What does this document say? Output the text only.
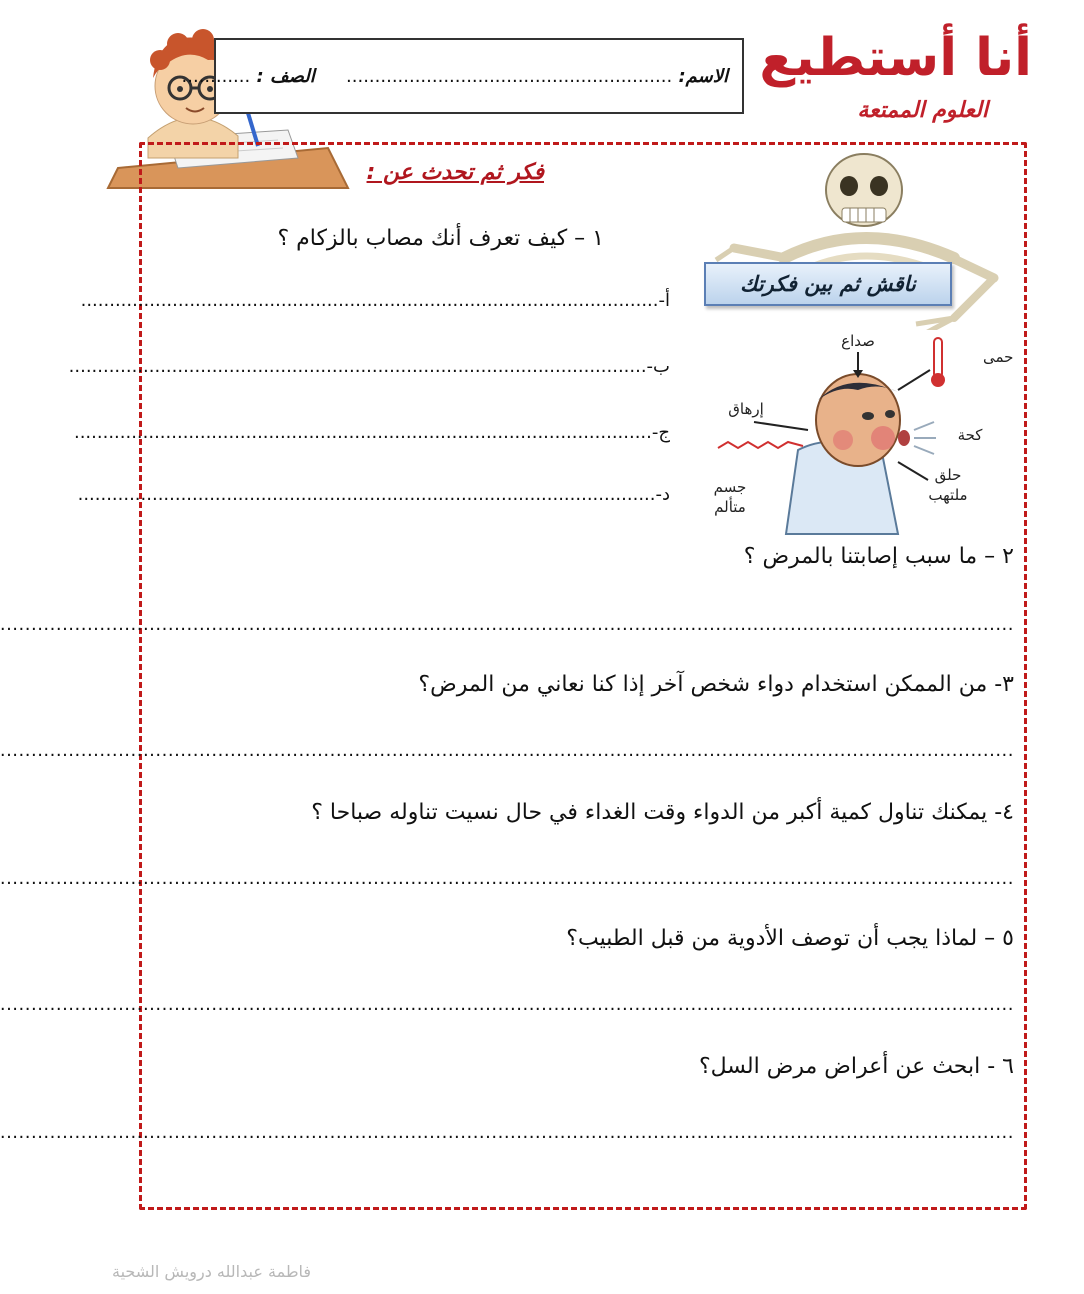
الاسم: .........................................................     الصف : ............	أنا أستطيع
العلوم الممتعة
فكر ثم تحدث عن :
ناقش ثم بين فكرتك
صداع
حمى
إرهاق
كحة
حلق
ملتهب
جسم
متألم
١ – كيف تعرف أنك مصاب بالزكام ؟
أ-.....................................................................................................
ب-.....................................................................................................
ج-.....................................................................................................
د-.....................................................................................................
٢ – ما سبب إصابتنا بالمرض ؟
...................................................................................................................................................................
٣- من الممكن استخدام دواء شخص آخر إذا كنا نعاني من المرض؟
...................................................................................................................................................................
٤- يمكنك تناول كمية أكبر من الدواء وقت الغداء في حال نسيت تناوله صباحا ؟
...................................................................................................................................................................
٥ – لماذا يجب أن توصف الأدوية من قبل الطبيب؟
...................................................................................................................................................................
٦ - ابحث عن أعراض مرض السل؟
...................................................................................................................................................................
فاطمة عبدالله درويش الشحية
